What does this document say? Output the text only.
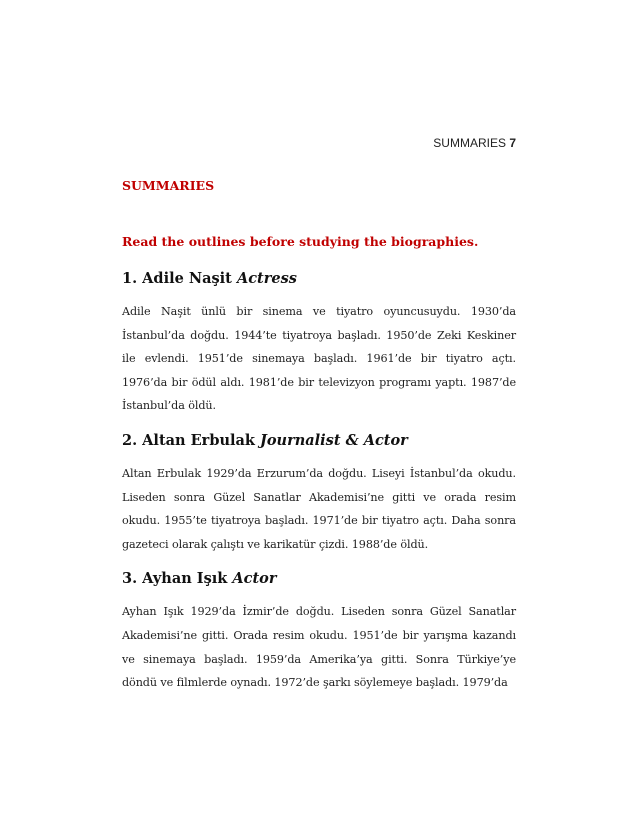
SUMMARIES 7
SUMMARIES
Read the outlines before studying the biographies.
1. Adile Naşit Actress

Adile Naşit ünlü bir sinema ve tiyatro oyuncusuydu. 1930’da İstanbul’da doğdu. 1944’te tiyatroya başladı. 1950’de Zeki Keskiner ile evlendi. 1951’de sinemaya başladı. 1961’de bir tiyatro açtı. 1976’da bir ödül aldı. 1981’de bir televizyon programı yaptı. 1987’de İstanbul’da öldü.

2. Altan Erbulak Journalist & Actor

Altan Erbulak 1929’da Erzurum’da doğdu. Liseyi İstanbul’da okudu. Liseden sonra Güzel Sanatlar Akademisi’ne gitti ve orada resim okudu. 1955’te tiyatroya başladı. 1971’de bir tiyatro açtı. Daha sonra gazeteci olarak çalıştı ve karikatür çizdi. 1988’de öldü.

3. Ayhan Işık Actor

Ayhan Işık 1929’da İzmir’de doğdu. Liseden sonra Güzel Sanatlar Akademisi’ne gitti. Orada resim okudu. 1951’de bir yarışma kazandı ve sinemaya başladı. 1959’da Amerika’ya gitti. Sonra Türkiye’ye döndü ve filmlerde oynadı. 1972’de şarkı söylemeye başladı. 1979’da
